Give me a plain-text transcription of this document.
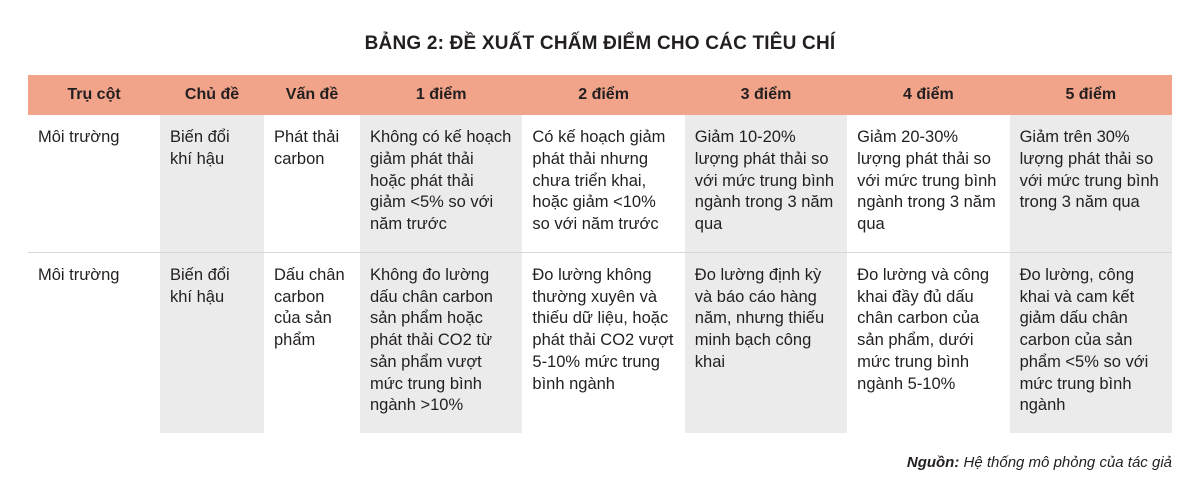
BẢNG 2: ĐỀ XUẤT CHẤM ĐIỂM CHO CÁC TIÊU CHÍ
Trụ cột	Chủ đề	Vấn đề	1 điểm	2 điểm	3 điểm	4 điểm	5 điểm
Môi trường	Biến đổi khí hậu	Phát thải carbon	Không có kế hoạch giảm phát thải hoặc phát thải giảm <5% so với năm trước	Có kế hoạch giảm phát thải nhưng chưa triển khai, hoặc giảm <10% so với năm trước	Giảm 10-20% lượng phát thải so với mức trung bình ngành trong 3 năm qua	Giảm 20-30% lượng phát thải so với mức trung bình ngành trong 3 năm qua	Giảm trên 30% lượng phát thải so với mức trung bình trong 3 năm qua
Môi trường	Biến đổi khí hậu	Dấu chân carbon của sản phẩm	Không đo lường dấu chân carbon sản phẩm hoặc phát thải CO2 từ sản phẩm vượt mức trung bình ngành >10%	Đo lường không thường xuyên và thiếu dữ liệu, hoặc phát thải CO2 vượt 5-10% mức trung bình ngành	Đo lường định kỳ và báo cáo hàng năm, nhưng thiếu minh bạch công khai	Đo lường và công khai đầy đủ dấu chân carbon của sản phẩm, dưới mức trung bình ngành 5-10%	Đo lường, công khai và cam kết giảm dấu chân carbon của sản phẩm <5% so với mức trung bình ngành
Nguồn: Hệ thống mô phỏng của tác giả
